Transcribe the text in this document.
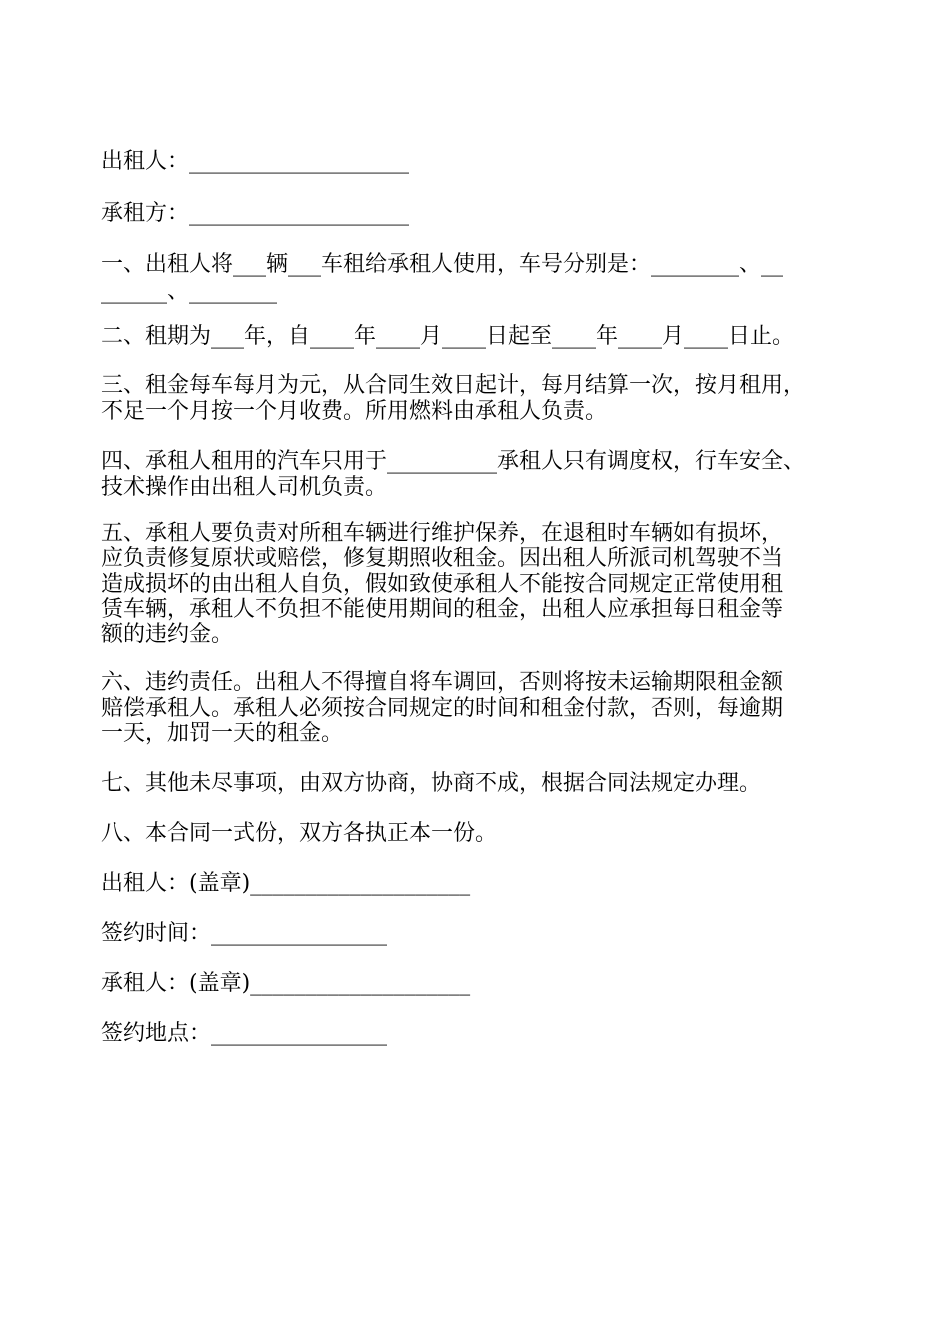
出租人：____________________
承租方：____________________
一、出租人将___辆___车租给承租人使用，车号分别是：________、__
______、________
二、租期为___年，自____年____月____日起至____年____月____日止。
三、租金每车每月为元，从合同生效日起计，每月结算一次，按月租用，
不足一个月按一个月收费。所用燃料由承租人负责。
四、承租人租用的汽车只用于__________承租人只有调度权，行车安全、
技术操作由出租人司机负责。
五、承租人要负责对所租车辆进行维护保养，在退租时车辆如有损坏，
应负责修复原状或赔偿，修复期照收租金。因出租人所派司机驾驶不当
造成损坏的由出租人自负，假如致使承租人不能按合同规定正常使用租
赁车辆，承租人不负担不能使用期间的租金，出租人应承担每日租金等
额的违约金。
六、违约责任。出租人不得擅自将车调回，否则将按未运输期限租金额
赔偿承租人。承租人必须按合同规定的时间和租金付款，否则，每逾期
一天，加罚一天的租金。
七、其他未尽事项，由双方协商，协商不成，根据合同法规定办理。
八、本合同一式份，双方各执正本一份。
出租人：(盖章)____________________
签约时间：________________
承租人：(盖章)____________________
签约地点：________________
